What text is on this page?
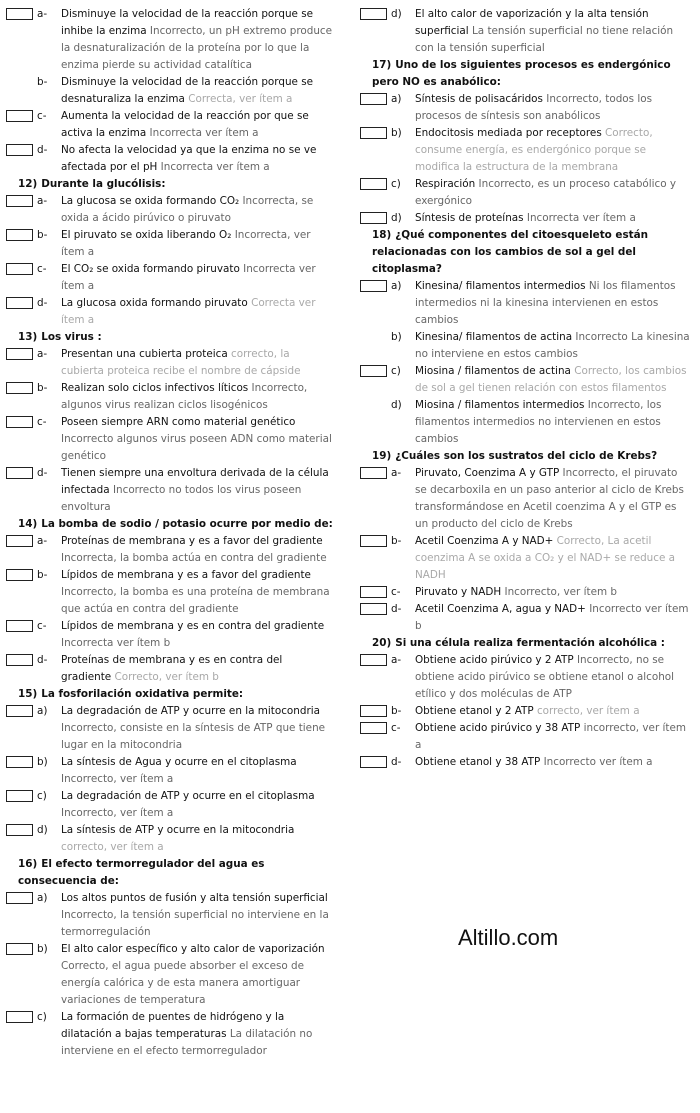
a- Disminuye la velocidad de la reacción porque se inhibe la enzima Incorrecto, un pH extremo produce la desnaturalización de la proteína por lo que la enzima pierde su actividad catalítica
b- Disminuye la velocidad de la reacción porque se desnaturaliza la enzima Correcta, ver ítem a
c- Aumenta la velocidad de la reacción por que se activa la enzima Incorrecta ver ítem a
d- No afecta la velocidad ya que la enzima no se ve afectada por el pH Incorrecta ver ítem a
12) Durante la glucólisis:
a- La glucosa se oxida formando CO₂ Incorrecta, se oxida a ácido pirúvico o piruvato
b- El piruvato se oxida liberando O₂ Incorrecta, ver ítem a
c- El CO₂ se oxida formando piruvato Incorrecta ver ítem a
d- La glucosa oxida formando piruvato Correcta ver ítem a
13) Los virus :
a- Presentan una cubierta proteica correcto, la cubierta proteica recibe el nombre de cápside
b- Realizan solo ciclos infectivos líticos Incorrecto, algunos virus realizan ciclos lisogénicos
c- Poseen siempre ARN como material genético Incorrecto algunos virus poseen ADN como material genético
d- Tienen siempre una envoltura derivada de la célula infectada Incorrecto no todos los virus poseen envoltura
14) La bomba de sodio / potasio ocurre por medio de:
a- Proteínas de membrana y es a favor del gradiente Incorrecta, la bomba actúa en contra del gradiente
b- Lípidos de membrana y es a favor del gradiente Incorrecto, la bomba es una proteína de membrana que actúa en contra del gradiente
c- Lípidos de membrana y es en contra del gradiente Incorrecta ver ítem b
d- Proteínas de membrana y es en contra del gradiente Correcto, ver ítem b
15) La fosforilación oxidativa permite:
a) La degradación de ATP y ocurre en la mitocondria Incorrecto, consiste en la síntesis de ATP que tiene lugar en la mitocondria
b) La síntesis de Agua y ocurre en el citoplasma Incorrecto, ver ítem a
c) La degradación de ATP y ocurre en el citoplasma Incorrecto, ver ítem a
d) La síntesis de ATP y ocurre en la mitocondria correcto, ver ítem a
16) El efecto termorregulador del agua es consecuencia de:
a) Los altos puntos de fusión y alta tensión superficial Incorrecto, la tensión superficial no interviene en la termorregulación
b) El alto calor específico y alto calor de vaporización Correcto, el agua puede absorber el exceso de energía calórica y de esta manera amortiguar variaciones de temperatura
c) La formación de puentes de hidrógeno y la dilatación a bajas temperaturas La dilatación no interviene en el efecto termorregulador
d) El alto calor de vaporización y la alta tensión superficial La tensión superficial no tiene relación con la tensión superficial
17) Uno de los siguientes procesos es endergónico pero NO es anabólico:
a) Síntesis de polisacáridos Incorrecto, todos los procesos de síntesis son anabólicos
b) Endocitosis mediada por receptores Correcto, consume energía, es endergónico porque se modifica la estructura de la membrana
c) Respiración Incorrecto, es un proceso catabólico y exergónico
d) Síntesis de proteínas Incorrecta ver ítem a
18) ¿Qué componentes del citoesqueleto están relacionadas con los cambios de sol a gel del citoplasma?
a) Kinesina/ filamentos intermedios Ni los filamentos intermedios ni la kinesina intervienen en estos cambios
b) Kinesina/ filamentos de actina Incorrecto La kinesina no interviene en estos cambios
c) Miosina / filamentos de actina Correcto, los cambios de sol a gel tienen relación con estos filamentos
d) Miosina / filamentos intermedios Incorrecto, los filamentos intermedios no intervienen en estos cambios
19) ¿Cuáles son los sustratos del ciclo de Krebs?
a- Piruvato, Coenzima A y GTP Incorrecto, el piruvato se decarboxila en un paso anterior al ciclo de Krebs transformándose en Acetil coenzima A y el GTP es un producto del ciclo de Krebs
b- Acetil Coenzima A y NAD+ Correcto, La acetil coenzima A se oxida a CO₂ y el NAD+ se reduce a NADH
c- Piruvato y NADH Incorrecto, ver ítem b
d- Acetil Coenzima A, agua y NAD+ Incorrecto ver ítem b
20) Si una célula realiza fermentación alcohólica :
a- Obtiene acido pirúvico y 2 ATP Incorrecto, no se obtiene acido pirúvico se obtiene etanol o alcohol etílico y dos moléculas de ATP
b- Obtiene etanol y 2 ATP correcto, ver ítem a
c- Obtiene acido pirúvico y 38 ATP incorrecto, ver ítem a
d- Obtiene etanol y 38 ATP Incorrecto ver ítem a
Altillo.com
